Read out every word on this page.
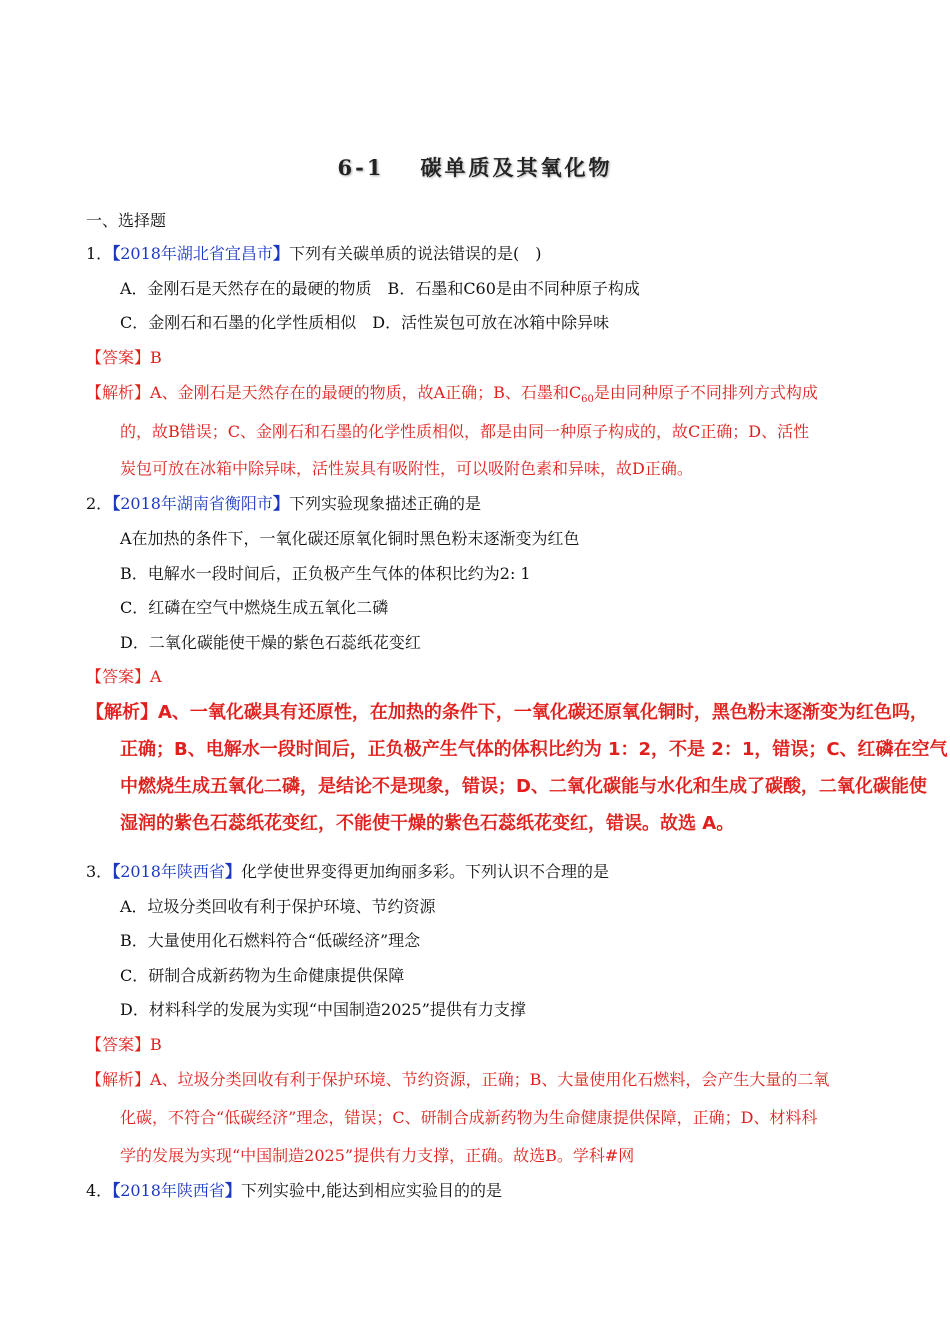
6-1 碳单质及其氧化物
一、选择题
1．【2018年湖北省宜昌市】下列有关碳单质的说法错误的是(　)
A．金刚石是天然存在的最硬的物质　B．石墨和C60是由不同种原子构成
C．金刚石和石墨的化学性质相似　D．活性炭包可放在冰箱中除异味
【答案】B
【解析】A、金刚石是天然存在的最硬的物质，故A正确；B、石墨和$C_{60}$是由同种原子不同排列方式构成
的，故B错误；C、金刚石和石墨的化学性质相似，都是由同一种原子构成的，故C正确；D、活性
炭包可放在冰箱中除异味，活性炭具有吸附性，可以吸附色素和异味，故D正确。
2．【2018年湖南省衡阳市】下列实验现象描述正确的是
A在加热的条件下，一氧化碳还原氧化铜时黑色粉末逐渐变为红色
B．电解水一段时间后，正负极产生气体的体积比约为2: 1
C．红磷在空气中燃烧生成五氧化二磷
D．二氧化碳能使干燥的紫色石蕊纸花变红
【答案】A
【解析】A、一氧化碳具有还原性，在加热的条件下，一氧化碳还原氧化铜时，黑色粉末逐渐变为红色吗，
正确；B、电解水一段时间后，正负极产生气体的体积比约为 1：2，不是 2：1，错误；C、红磷在空气
中燃烧生成五氧化二磷，是结论不是现象，错误；D、二氧化碳能与水化和生成了碳酸，二氧化碳能使
湿润的紫色石蕊纸花变红，不能使干燥的紫色石蕊纸花变红，错误。故选 A。
3．【2018年陕西省】化学使世界变得更加绚丽多彩。下列认识不合理的是
A．垃圾分类回收有利于保护环境、节约资源
B．大量使用化石燃料符合“低碳经济”理念
C．研制合成新药物为生命健康提供保障
D．材料科学的发展为实现“中国制造2025”提供有力支撑
【答案】B
【解析】A、垃圾分类回收有利于保护环境、节约资源，正确；B、大量使用化石燃料，会产生大量的二氧
化碳，不符合“低碳经济”理念，错误；C、研制合成新药物为生命健康提供保障，正确；D、材料科
学的发展为实现“中国制造2025”提供有力支撑，正确。故选B。学科#网
4．【2018年陕西省】下列实验中,能达到相应实验目的的是
